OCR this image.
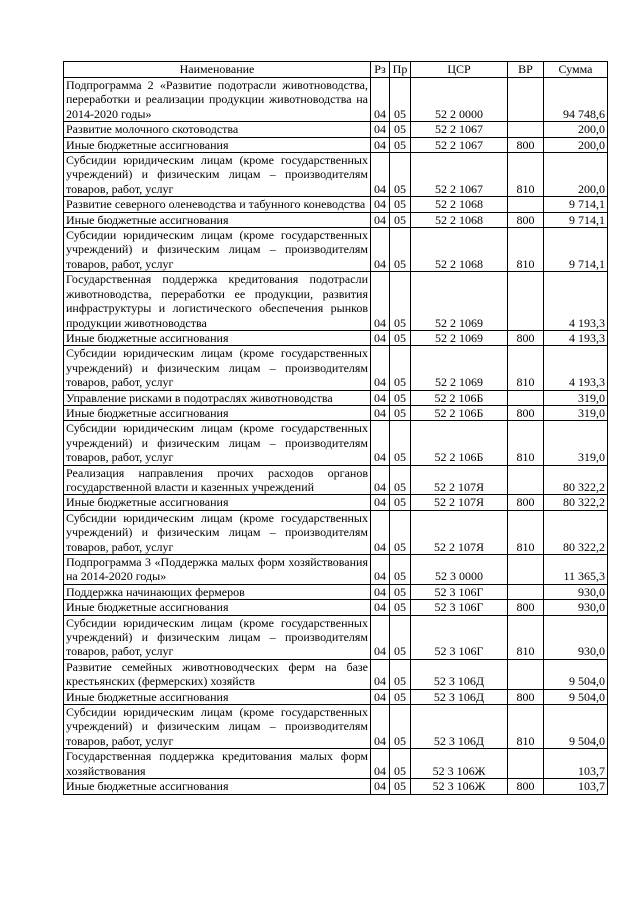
Наименование	Рз	Пр	ЦСР	ВР	Сумма
Подпрограмма 2 «Развитие подотрасли животноводства, переработки и реализации продукции животноводства на 2014-2020 годы»	04	05	52 2 0000		94 748,6
Развитие молочного скотоводства	04	05	52 2 1067		200,0
Иные бюджетные ассигнования	04	05	52 2 1067	800	200,0
Субсидии юридическим лицам (кроме государственных учреждений) и физическим лицам – производителям товаров, работ, услуг	04	05	52 2 1067	810	200,0
Развитие северного оленеводства и табунного коневодства	04	05	52 2 1068		9 714,1
Иные бюджетные ассигнования	04	05	52 2 1068	800	9 714,1
Субсидии юридическим лицам (кроме государственных учреждений) и физическим лицам – производителям товаров, работ, услуг	04	05	52 2 1068	810	9 714,1
Государственная поддержка кредитования подотрасли животноводства, переработки ее продукции, развития инфраструктуры и логистического обеспечения рынков продукции животноводства	04	05	52 2 1069		4 193,3
Иные бюджетные ассигнования	04	05	52 2 1069	800	4 193,3
Субсидии юридическим лицам (кроме государственных учреждений) и физическим лицам – производителям товаров, работ, услуг	04	05	52 2 1069	810	4 193,3
Управление рисками в подотраслях животноводства	04	05	52 2 106Б		319,0
Иные бюджетные ассигнования	04	05	52 2 106Б	800	319,0
Субсидии юридическим лицам (кроме государственных учреждений) и физическим лицам – производителям товаров, работ, услуг	04	05	52 2 106Б	810	319,0
Реализация направления прочих расходов органов государственной власти и казенных учреждений	04	05	52 2 107Я		80 322,2
Иные бюджетные ассигнования	04	05	52 2 107Я	800	80 322,2
Субсидии юридическим лицам (кроме государственных учреждений) и физическим лицам – производителям товаров, работ, услуг	04	05	52 2 107Я	810	80 322,2
Подпрограмма 3 «Поддержка малых форм хозяйствования на 2014-2020 годы»	04	05	52 3 0000		11 365,3
Поддержка начинающих фермеров	04	05	52 3 106Г		930,0
Иные бюджетные ассигнования	04	05	52 3 106Г	800	930,0
Субсидии юридическим лицам (кроме государственных учреждений) и физическим лицам – производителям товаров, работ, услуг	04	05	52 3 106Г	810	930,0
Развитие семейных животноводческих ферм на базе крестьянских (фермерских) хозяйств	04	05	52 3 106Д		9 504,0
Иные бюджетные ассигнования	04	05	52 3 106Д	800	9 504,0
Субсидии юридическим лицам (кроме государственных учреждений) и физическим лицам – производителям товаров, работ, услуг	04	05	52 3 106Д	810	9 504,0
Государственная поддержка кредитования малых форм хозяйствования	04	05	52 3 106Ж		103,7
Иные бюджетные ассигнования	04	05	52 3 106Ж	800	103,7
